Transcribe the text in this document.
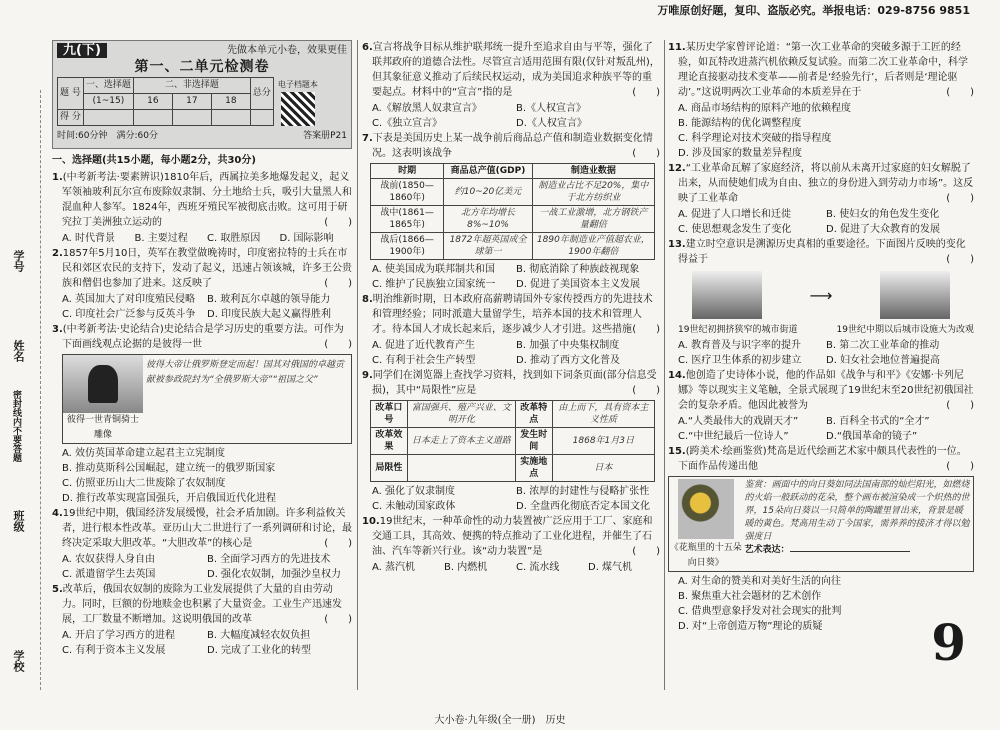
万唯原创好题，复印、盗版必究。举报电话：029-8756 9851
学号
姓名
密封线内不要答题
班级
学校
九(下)	先做本单元小卷，效果更佳
第一、二单元检测卷
题 号	一、选择题	二、非选择题			总分
	(1~15)	16	17	18	
得 分					
电子档题本
时间:60分钟　满分:60分	答案册P21
一、选择题(共15小题，每小题2分，共30分)
1.(中考新考法·要素辨识)1810年后，西属拉美多地爆发起义，起义军领袖玻利瓦尔宣布废除奴隶制、分土地给士兵，吸引大量黑人和混血种人参军。1824年，西班牙殖民军被彻底击败。这可用于研究拉丁美洲独立运动的	(　　)
A. 时代背景	B. 主要过程	C. 取胜原因	D. 国际影响
2.1857年5月10日，英军在教堂做晚祷时，印度密拉特的士兵在市民和郊区农民的支持下，发动了起义，迅速占领该城，许多王公贵族和僧侣也参加了进来。这反映了	(　　)
A. 英国加大了对印度殖民侵略	B. 玻利瓦尔卓越的领导能力
C. 印度社会广泛参与反英斗争	D. 印度民族大起义赢得胜利
3.(中考新考法·史论结合)史论结合是学习历史的重要方法。可作为下面画线观点论据的是彼得一世	(　　)
彼得一世青铜骑士雕像
彼得大帝让俄罗斯登定而起！国其对俄国的卓越贡献被参政院封为“全俄罗斯大帝”“祖国之父”
A. 效仿英国革命建立起君主立宪制度
B. 推动莫斯科公国崛起，建立统一的俄罗斯国家
C. 仿照亚历山大二世废除了农奴制度
D. 推行改革实现富国强兵，开启俄国近代化进程
4.19世纪中期，俄国经济发展缓慢，社会矛盾加剧。许多利益攸关者，进行根本性改革。亚历山大二世进行了一系列调研和讨论，最终决定采取大胆改革。“大胆改革”的核心是	(　　)
A. 农奴获得人身自由	B. 全面学习西方的先进技术
C. 派遣留学生去英国	D. 强化农奴制，加强沙皇权力
5.改革后，俄国农奴制的废除为工业发展提供了大量的自由劳动力。同时，巨额的份地赎金也积累了大量资金。工业生产迅速发展，工厂数量不断增加。这说明俄国的改革	(　　)
A. 开启了学习西方的进程	B. 大幅度减轻农奴负担
C. 有利于资本主义发展	D. 完成了工业化的转型
6.宣言将战争目标从维护联邦统一提升至追求自由与平等，强化了联邦政府的道德合法性。尽管宣言适用范围有限(仅针对叛乱州)，但其象征意义推动了后续民权运动，成为美国追求种族平等的重要起点。材料中的“宣言”指的是	(　　)
A.《解放黑人奴隶宣言》	B.《人权宣言》
C.《独立宣言》	D.《人权宣言》
7.下表是美国历史上某一战争前后商品总产值和制造业数据变化情况。这表明该战争	(　　)
时期	商品总产值(GDP)	制造业数据
战前(1850—1860年)	约10~20亿美元	制造业占比不足20%，集中于北方纺织业
战中(1861—1865年)	北方年均增长8%~10%	一战工业激增，北方钢铁产量翻倍
战后(1866—1900年)	1872年超英国成全球第一	1890年制造业产值超农业，1900年翻倍
A. 使美国成为联邦制共和国	B. 彻底消除了种族歧视现象
C. 维护了民族独立国家统一	D. 促进了美国资本主义发展
8.明治维新时期，日本政府高薪聘请国外专家传授西方的先进技术和管理经验；同时派遣大量留学生，培养本国的技术和管理人才。待本国人才成长起来后，逐步减少人才引进。这些措施 (　　)
A. 促进了近代教育产生	B. 加强了中央集权制度
C. 有利于社会生产转型	D. 推动了西方文化普及
9.同学们在浏览器上查找学习资料，找到如下词条页面(部分信息受损)，其中“局限性”应是	(　　)
改革口号	富国强兵、殖产兴业、文明开化	改革特点	由上而下，具有资本主义性质
改革效果	日本走上了资本主义道路	发生时间	1868年1月3日
局限性		实施地点	日本
A. 强化了奴隶制度	B. 浓厚的封建性与侵略扩张性
C. 未触动国家政体	D. 全盘西化彻底否定本国文化
10.19世纪末，一种革命性的动力装置被广泛应用于工厂、家庭和交通工具，其高效、便携的特点推动了工业化进程，并催生了石油、汽车等新兴行业。该“动力装置”是	(　　)
A. 蒸汽机	B. 内燃机	C. 流水线	D. 煤气机
11.某历史学家曾评论道：“第一次工业革命的突破多源于工匠的经验，如瓦特改进蒸汽机依赖反复试验。而第二次工业革命中，科学理论直接驱动技术变革——前者是‘经验先行’，后者则是‘理论驱动’。”这说明两次工业革命的本质差异在于	(　　)
A. 商品市场结构的原料产地的依赖程度
B. 能源结构的优化调整程度
C. 科学理论对技术突破的指导程度
D. 涉及国家的数量差异程度
12.“工业革命瓦解了家庭经济，将以前从未离开过家庭的妇女解脱了出来，从而使她们成为自由、独立的身份进入到劳动力市场”。这反映了工业革命	(　　)
A. 促进了人口增长和迁徙	B. 使妇女的角色发生变化
C. 使思想观念发生了变化	D. 促进了大众教育的发展
13.建立时空意识是溯源历史真相的重要途径。下面图片反映的变化得益于	(　　)
⟶
19世纪初拥挤狭窄的城市街道	19世纪中期以后城市设施大为改观
A. 教育普及与识字率的提升	B. 第二次工业革命的推动
C. 医疗卫生体系的初步建立	D. 妇女社会地位普遍提高
14.他创造了史诗体小说，他的作品如《战争与和平》《安娜·卡列尼娜》等以现实主义笔触，全景式展现了19世纪末至20世纪初俄国社会的复杂矛盾。他因此被誉为	(　　)
A.“人类最伟大的戏剧天才”	B. 百科全书式的“全才”
C.“中世纪最后一位诗人”	D.“俄国革命的镜子”
15.(跨美术·绘画鉴赏)梵高是近代绘画艺术家中颇具代表性的一位。下面作品传递出他	(　　)
《花瓶里的十五朵向日葵》
鉴赏：画面中的向日葵如同法国南部的灿烂阳光，如燃烧的火焰一般跃动的花朵，整个画布被渲染成一个炽热的世界，15朵向日葵以一只简单的陶罐里冒出来，背景是暖暖的黄色。梵高用生动丁今国家，需养养的接济才得以勉强度日
艺术表达：
A. 对生命的赞美和对美好生活的向往
B. 聚焦重大社会题材的艺术创作
C. 借典型意象抒发对社会现实的批判
D. 对“上帝创造万物”理论的质疑	9
大小卷·九年级(全一册)　历史
